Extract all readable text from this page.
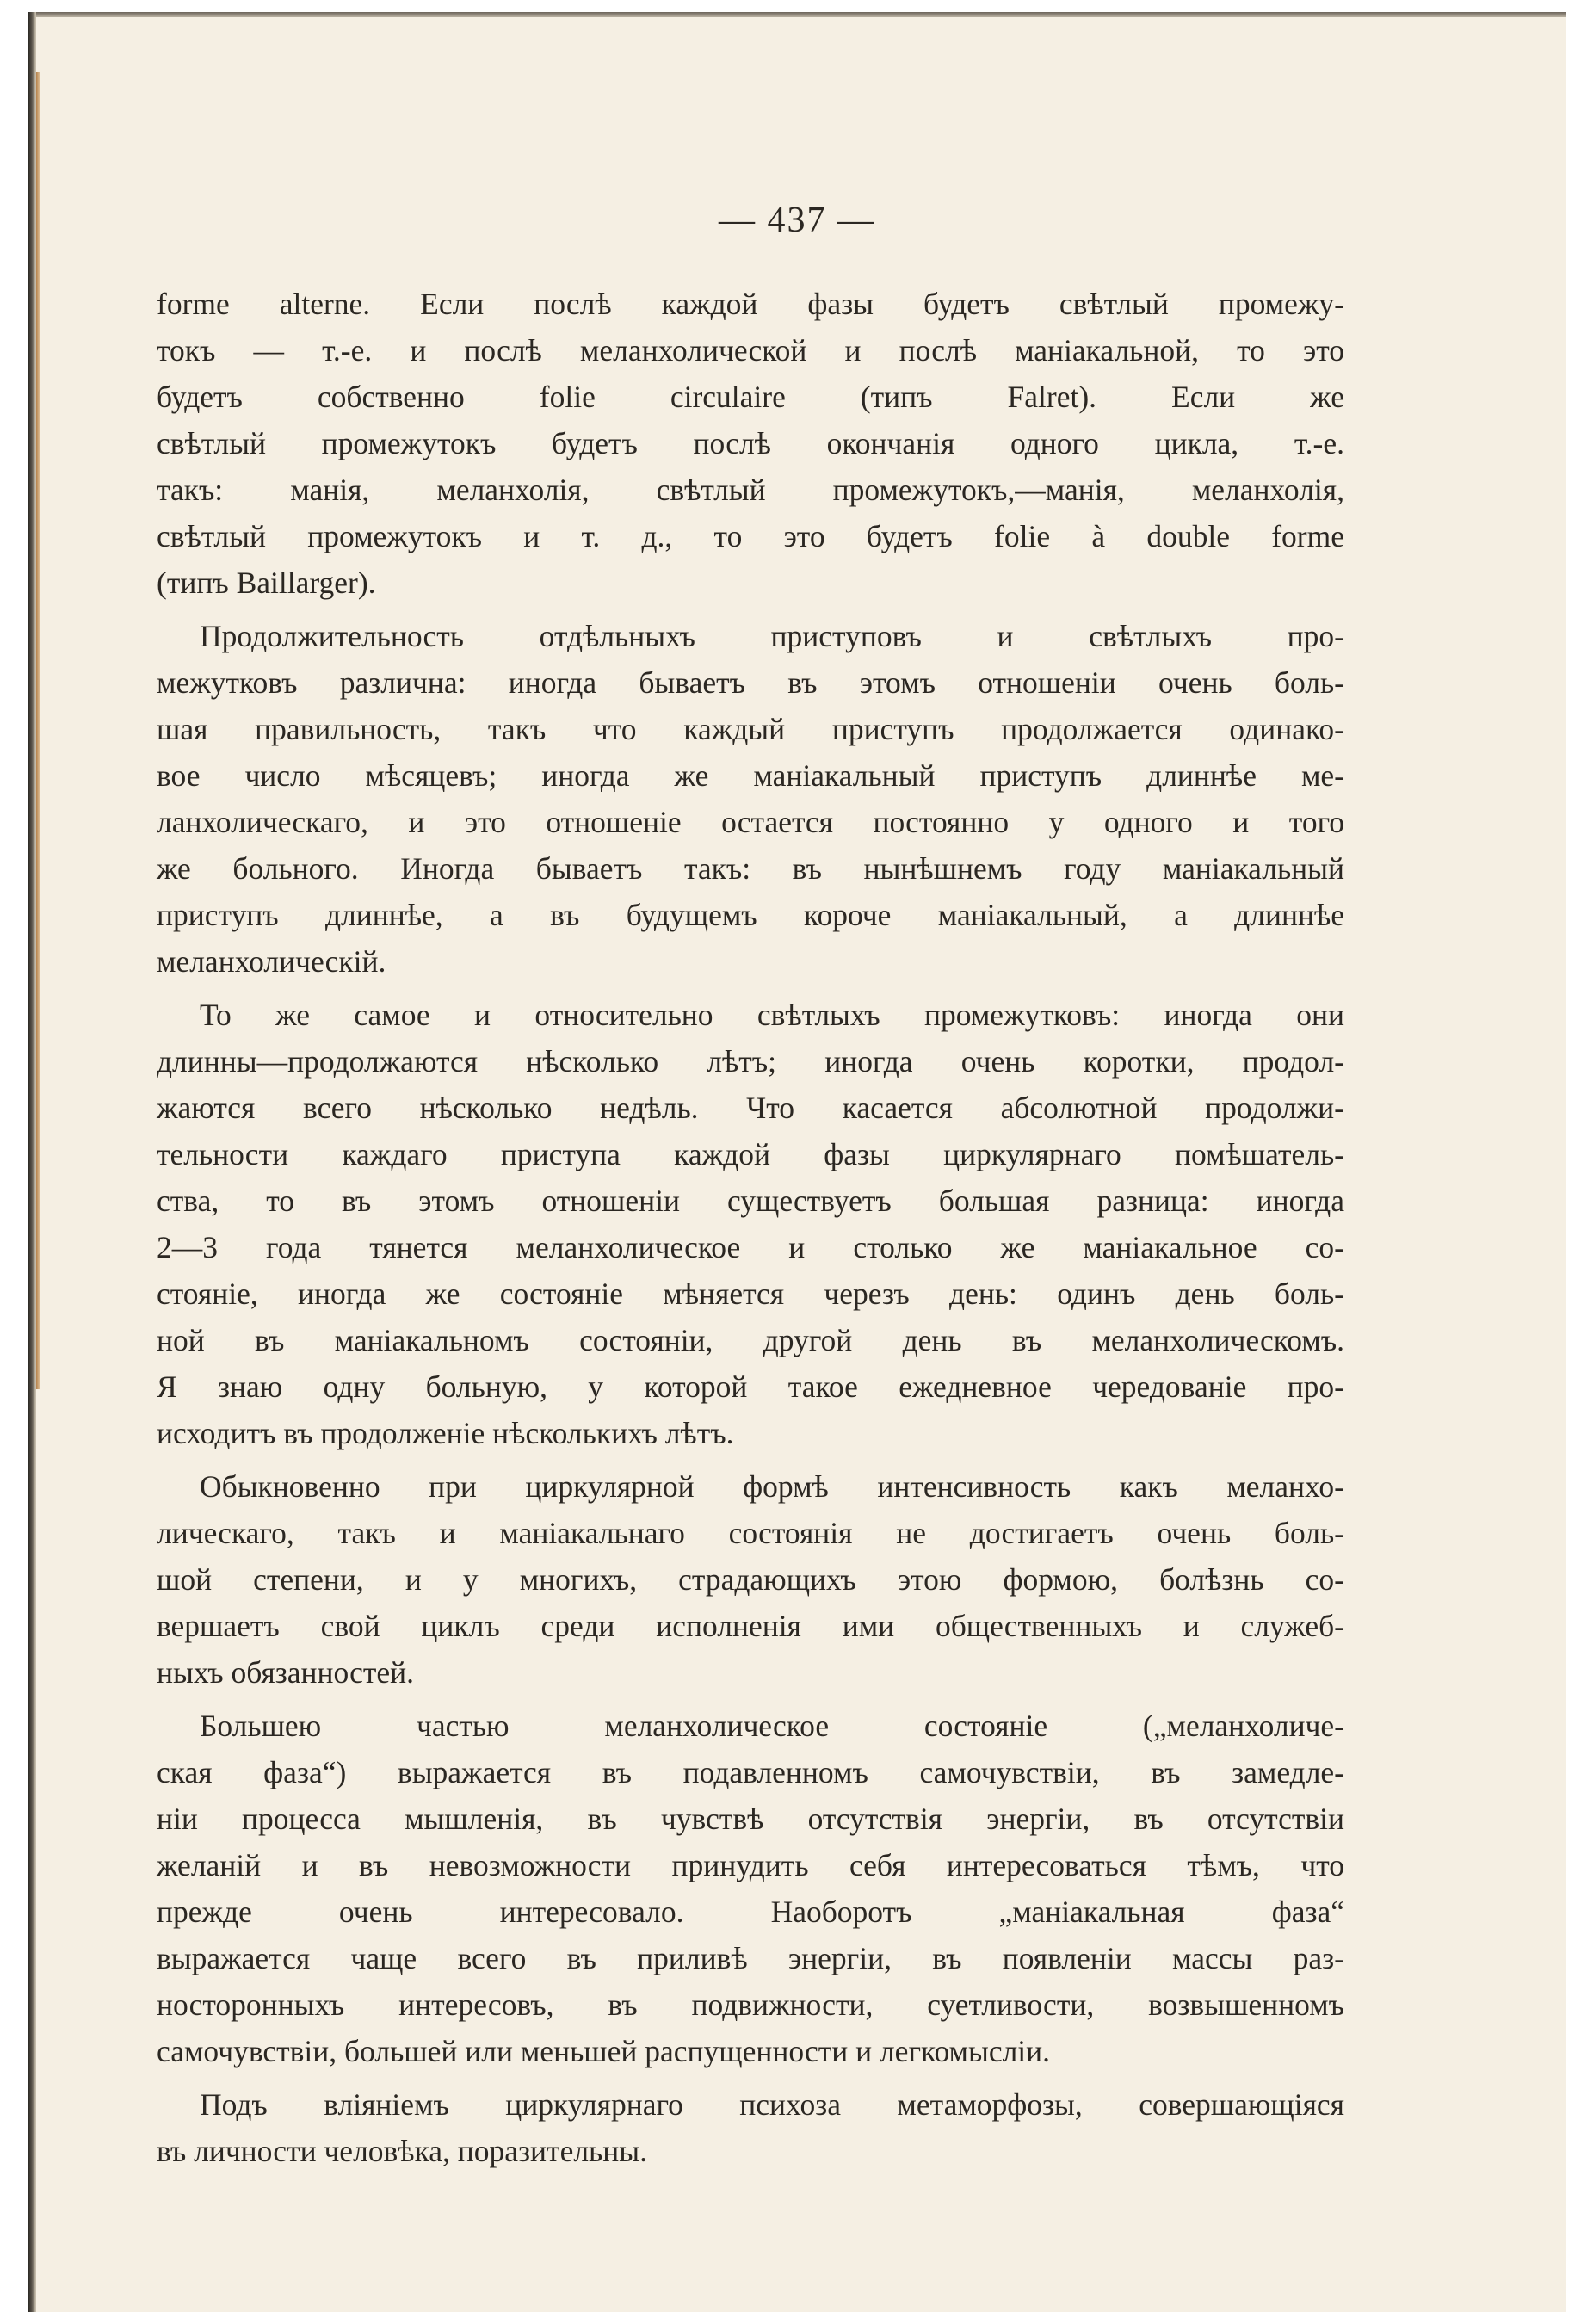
— 437 —
forme alterne. Если послѣ каждой фазы будетъ свѣтлый промежу-
токъ — т.-е. и послѣ меланхолической и послѣ маніакальной, то это
будетъ собственно folie circulaire (типъ Falret). Если же
свѣтлый промежутокъ будетъ послѣ окончанія одного цикла, т.-е.
такъ: манія, меланхолія, свѣтлый промежутокъ,—манія, меланхолія,
свѣтлый промежутокъ и т. д., то это будетъ folie à double forme
(типъ Baillarger).
Продолжительность отдѣльныхъ приступовъ и свѣтлыхъ про-
межутковъ различна: иногда бываетъ въ этомъ отношеніи очень боль-
шая правильность, такъ что каждый приступъ продолжается одинако-
вое число мѣсяцевъ; иногда же маніакальный приступъ длиннѣе ме-
ланхолическаго, и это отношеніе остается постоянно у одного и того
же больного. Иногда бываетъ такъ: въ нынѣшнемъ году маніакальный
приступъ длиннѣе, а въ будущемъ короче маніакальный, а длиннѣе
меланхолическій.
То же самое и относительно свѣтлыхъ промежутковъ: иногда они
длинны—продолжаются нѣсколько лѣтъ; иногда очень коротки, продол-
жаются всего нѣсколько недѣль. Что касается абсолютной продолжи-
тельности каждаго приступа каждой фазы циркулярнаго помѣшатель-
ства, то въ этомъ отношеніи существуетъ большая разница: иногда
2—3 года тянется меланхолическое и столько же маніакальное со-
стояніе, иногда же состояніе мѣняется черезъ день: одинъ день боль-
ной въ маніакальномъ состояніи, другой день въ меланхолическомъ.
Я знаю одну больную, у которой такое ежедневное чередованіе про-
исходитъ въ продолженіе нѣсколькихъ лѣтъ.
Обыкновенно при циркулярной формѣ интенсивность какъ меланхо-
лическаго, такъ и маніакальнаго состоянія не достигаетъ очень боль-
шой степени, и у многихъ, страдающихъ этою формою, болѣзнь со-
вершаетъ свой циклъ среди исполненія ими общественныхъ и служеб-
ныхъ обязанностей.
Большею частью меланхолическое состояніе („меланхоличе-
ская фаза“) выражается въ подавленномъ самочувствіи, въ замедле-
ніи процесса мышленія, въ чувствѣ отсутствія энергіи, въ отсутствіи
желаній и въ невозможности принудить себя интересоваться тѣмъ, что
прежде очень интересовало. Наоборотъ „маніакальная фаза“
выражается чаще всего въ приливѣ энергіи, въ появленіи массы раз-
носторонныхъ интересовъ, въ подвижности, суетливости, возвышенномъ
самочувствіи, большей или меньшей распущенности и легкомысліи.
Подъ вліяніемъ циркулярнаго психоза метаморфозы, совершающіяся
въ личности человѣка, поразительны.
